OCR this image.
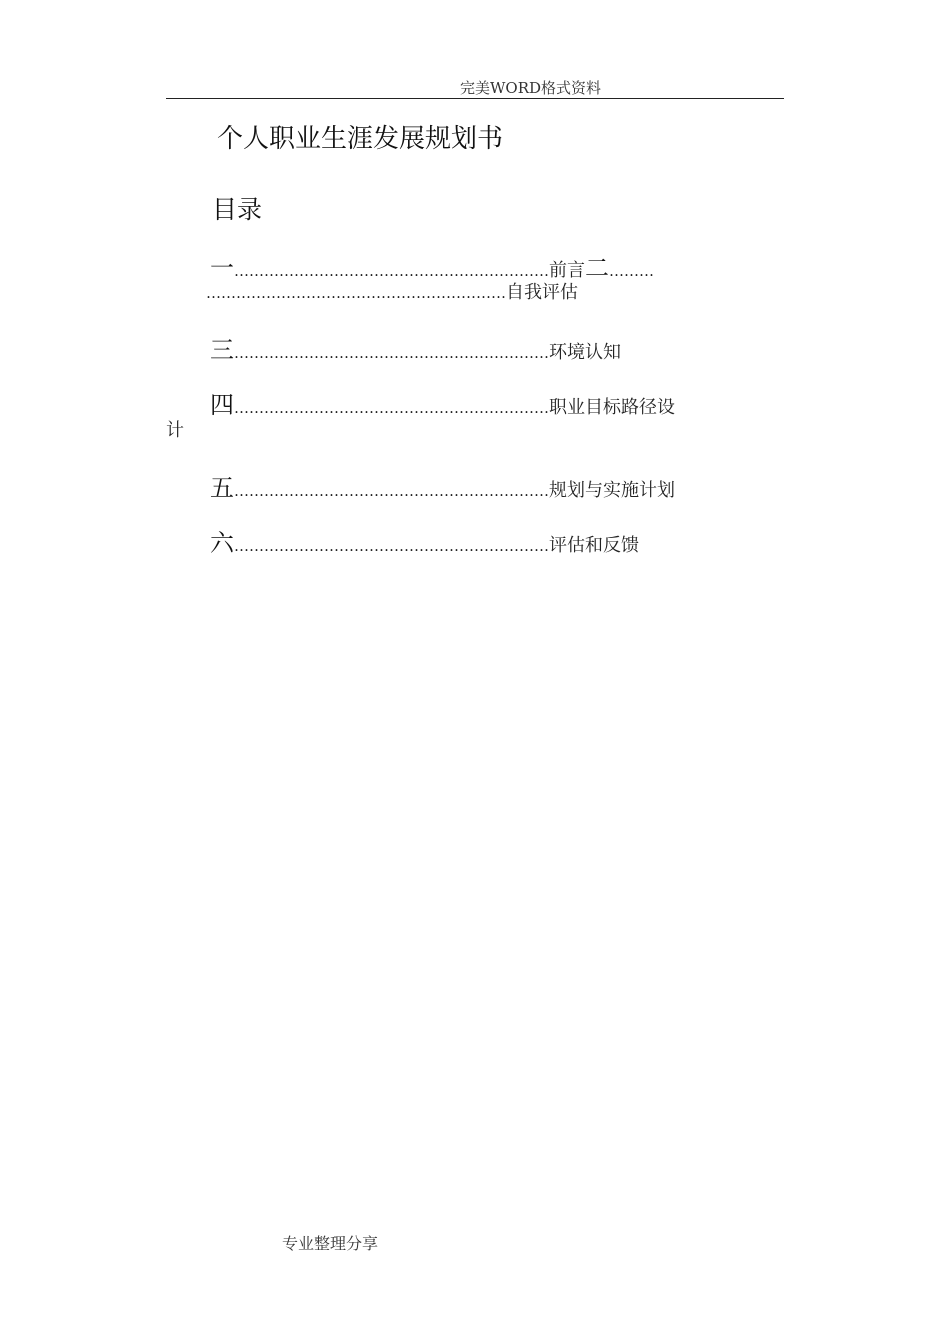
完美WORD格式资料
个人职业生涯发展规划书
目录
一………………………………………………………前言二………
……………………………………………………自我评估
三………………………………………………………环境认知
四………………………………………………………职业目标路径设
计
五………………………………………………………规划与实施计划
六………………………………………………………评估和反馈
专业整理分享
